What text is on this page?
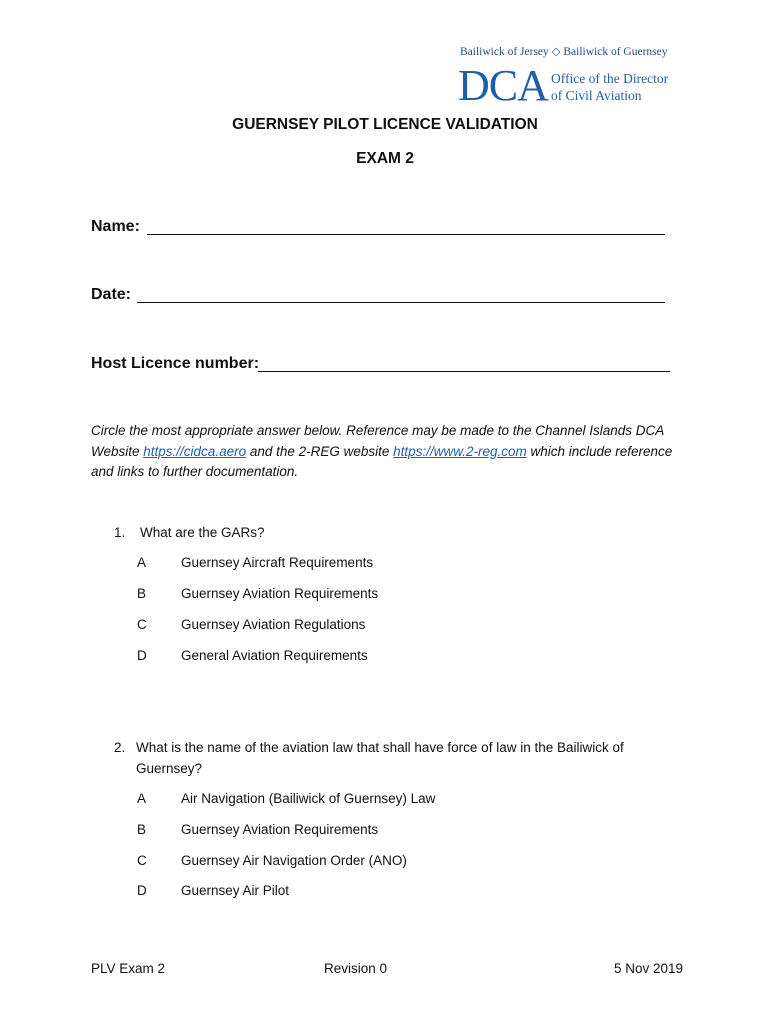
Bailiwick of Jersey ◇ Bailiwick of Guernsey
DCA Office of the Director
of Civil Aviation
GUERNSEY PILOT LICENCE VALIDATION
EXAM 2
Name:
Date:
Host Licence number:
Circle the most appropriate answer below. Reference may be made to the Channel Islands DCA Website https://cidca.aero and the 2-REG website https://www.2-reg.com which include reference and links to further documentation.
1. What are the GARs?
A	Guernsey Aircraft Requirements
B	Guernsey Aviation Requirements
C	Guernsey Aviation Regulations
D	General Aviation Requirements
2. What is the name of the aviation law that shall have force of law in the Bailiwick of Guernsey?
A	Air Navigation (Bailiwick of Guernsey) Law
B	Guernsey Aviation Requirements
C	Guernsey Air Navigation Order (ANO)
D	Guernsey Air Pilot
PLV Exam 2	Revision 0	5 Nov 2019
